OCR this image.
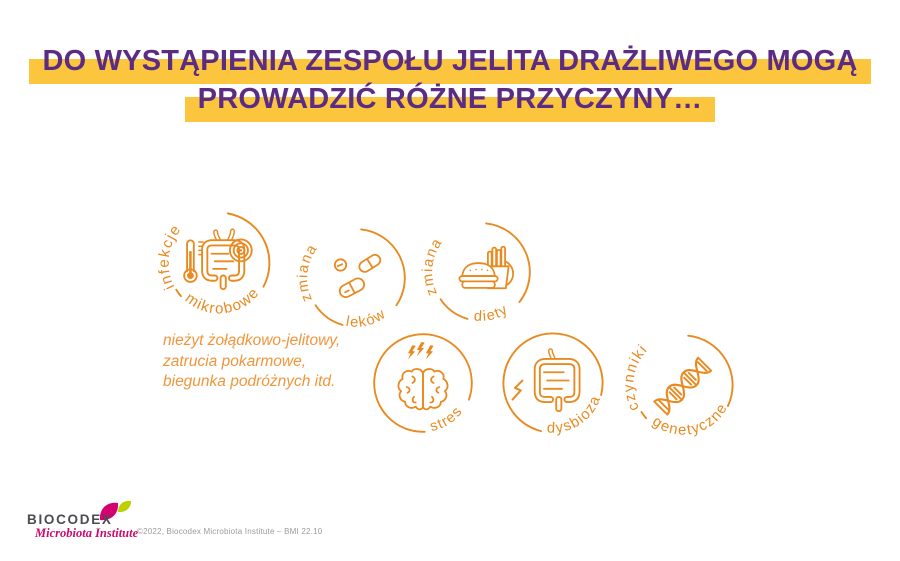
DO WYSTĄPIENIA ZESPOŁU JELITA DRAŻLIWEGO MOGĄ
PROWADZIĆ RÓŻNE PRZYCZYNY…
infekcje
mikrobowe zmiana
leków
zmiana
diety
stres
dysbioza czynniki
genetyczne
nieżyt żołądkowo-jelitowy,
zatrucia pokarmowe,
biegunka podróżnych itd.
BIOCODEX
Microbiota Institute
©2022, Biocodex Microbiota Institute – BMI 22.10
